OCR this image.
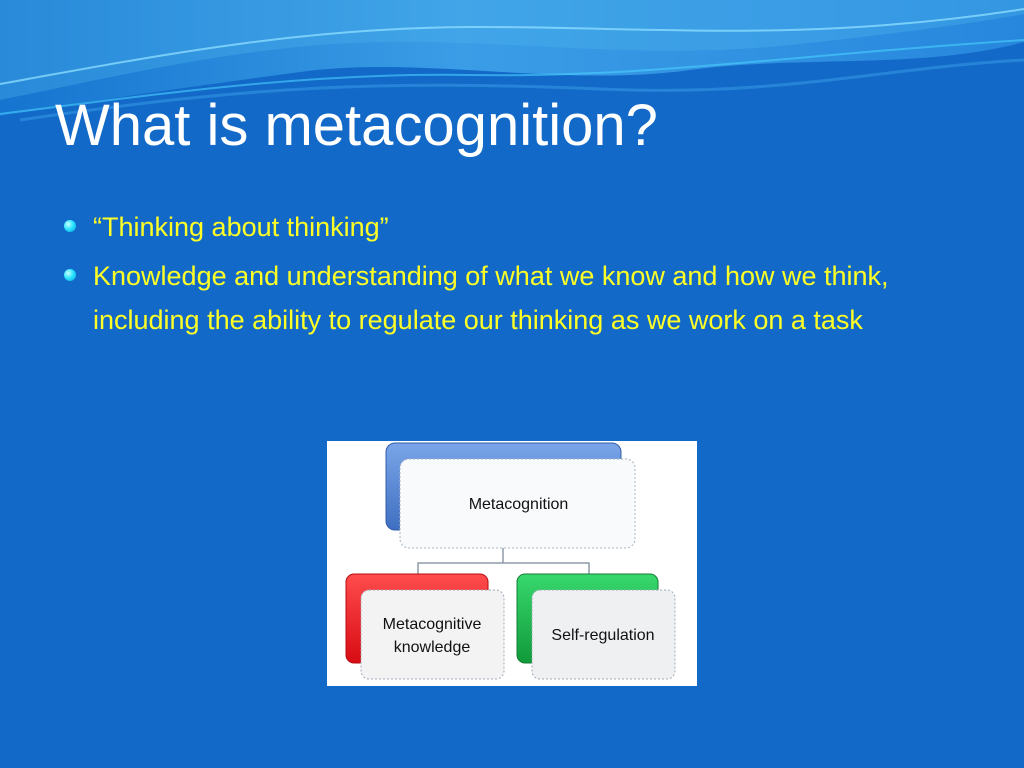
What is metacognition?
“Thinking about thinking”
Knowledge and understanding of what we know and how we think, including the ability to regulate our thinking as we work on a task
Metacognition
Metacognitive knowledge
Self-regulation
